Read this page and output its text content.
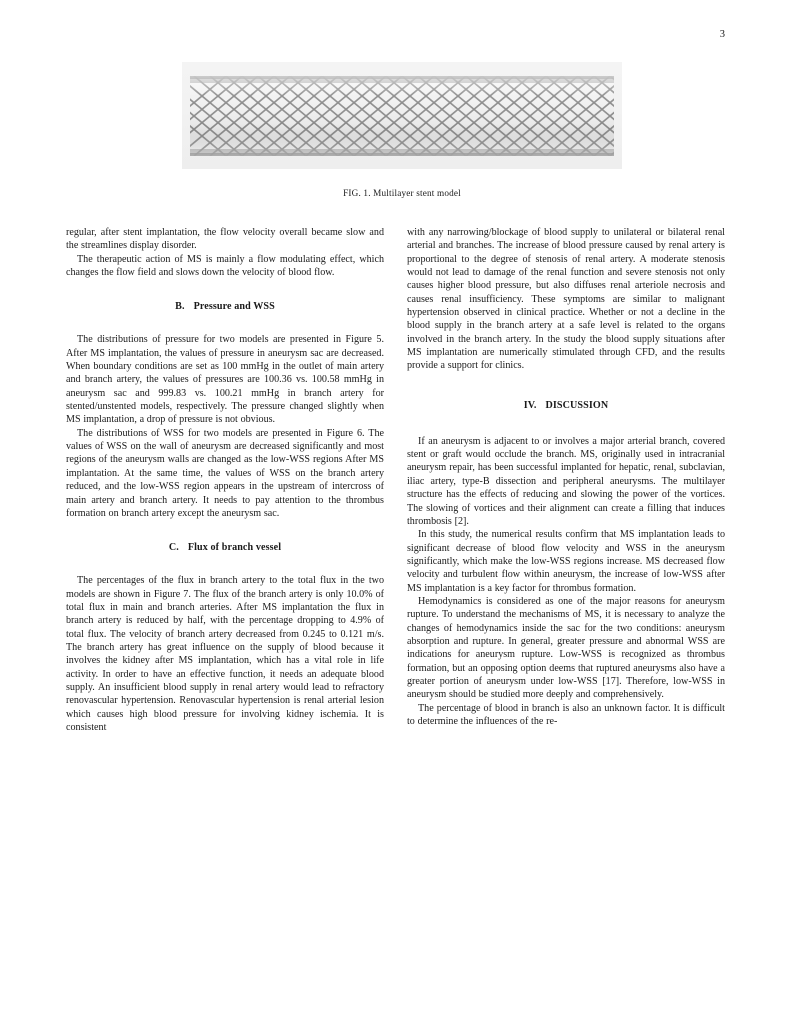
3
FIG. 1. Multilayer stent model

regular, after stent implantation, the flow velocity overall became slow and the streamlines display disorder.

The therapeutic action of MS is mainly a flow modulating effect, which changes the flow field and slows down the velocity of blood flow.

B. Pressure and WSS

The distributions of pressure for two models are presented in Figure 5. After MS implantation, the values of pressure in aneurysm sac are decreased. When boundary conditions are set as 100 mmHg in the outlet of main artery and branch artery, the values of pressures are 100.36 vs. 100.58 mmHg in aneurysm sac and 999.83 vs. 100.21 mmHg in branch artery for stented/unstented models, respectively. The pressure changed slightly when MS implantation, a drop of pressure is not obvious.

The distributions of WSS for two models are presented in Figure 6. The values of WSS on the wall of aneurysm are decreased significantly and most regions of the aneurysm walls are changed as the low-WSS regions After MS implantation. At the same time, the values of WSS on the branch artery reduced, and the low-WSS region appears in the upstream of intercross of main artery and branch artery. It needs to pay attention to the thrombus formation on branch artery except the aneurysm sac.

C. Flux of branch vessel

The percentages of the flux in branch artery to the total flux in the two models are shown in Figure 7. The flux of the branch artery is only 10.0% of total flux in main and branch arteries. After MS implantation the flux in branch artery is reduced by half, with the percentage dropping to 4.9% of total flux. The velocity of branch artery decreased from 0.245 to 0.121 m/s. The branch artery has great influence on the supply of blood because it involves the kidney after MS implantation, which has a vital role in life activity. In order to have an effective function, it needs an adequate blood supply. An insufficient blood supply in renal artery would lead to refractory renovascular hypertension. Renovascular hypertension is renal arterial lesion which causes high blood pressure for involving kidney ischemia. It is consistent

with any narrowing/blockage of blood supply to unilateral or bilateral renal arterial and branches. The increase of blood pressure caused by renal artery is proportional to the degree of stenosis of renal artery. A moderate stenosis would not lead to damage of the renal function and severe stenosis not only causes higher blood pressure, but also diffuses renal arteriole necrosis and causes renal insufficiency. These symptoms are similar to malignant hypertension observed in clinical practice. Whether or not a decline in the blood supply in the branch artery at a safe level is related to the organs involved in the branch artery. In the study the blood supply situations after MS implantation are numerically stimulated through CFD, and the results provide a support for clinics.

IV. DISCUSSION

If an aneurysm is adjacent to or involves a major arterial branch, covered stent or graft would occlude the branch. MS, originally used in intracranial aneurysm repair, has been successful implanted for hepatic, renal, subclavian, iliac artery, type-B dissection and peripheral aneurysms. The multilayer structure has the effects of reducing and slowing the power of the vortices. The slowing of vortices and their alignment can create a filling that induces thrombosis [2].

In this study, the numerical results confirm that MS implantation leads to significant decrease of blood flow velocity and WSS in the aneurysm significantly, which make the low-WSS regions increase. MS decreased flow velocity and turbulent flow within aneurysm, the increase of low-WSS after MS implantation is a key factor for thrombus formation.

Hemodynamics is considered as one of the major reasons for aneurysm rupture. To understand the mechanisms of MS, it is necessary to analyze the changes of hemodynamics inside the sac for the two conditions: aneurysm absorption and rupture. In general, greater pressure and abnormal WSS are indications for aneurysm rupture. Low-WSS is recognized as thrombus formation, but an opposing option deems that ruptured aneurysms also have a greater portion of aneurysm under low-WSS [17]. Therefore, low-WSS in aneurysm should be studied more deeply and comprehensively.

The percentage of blood in branch is also an unknown factor. It is difficult to determine the influences of the re-
